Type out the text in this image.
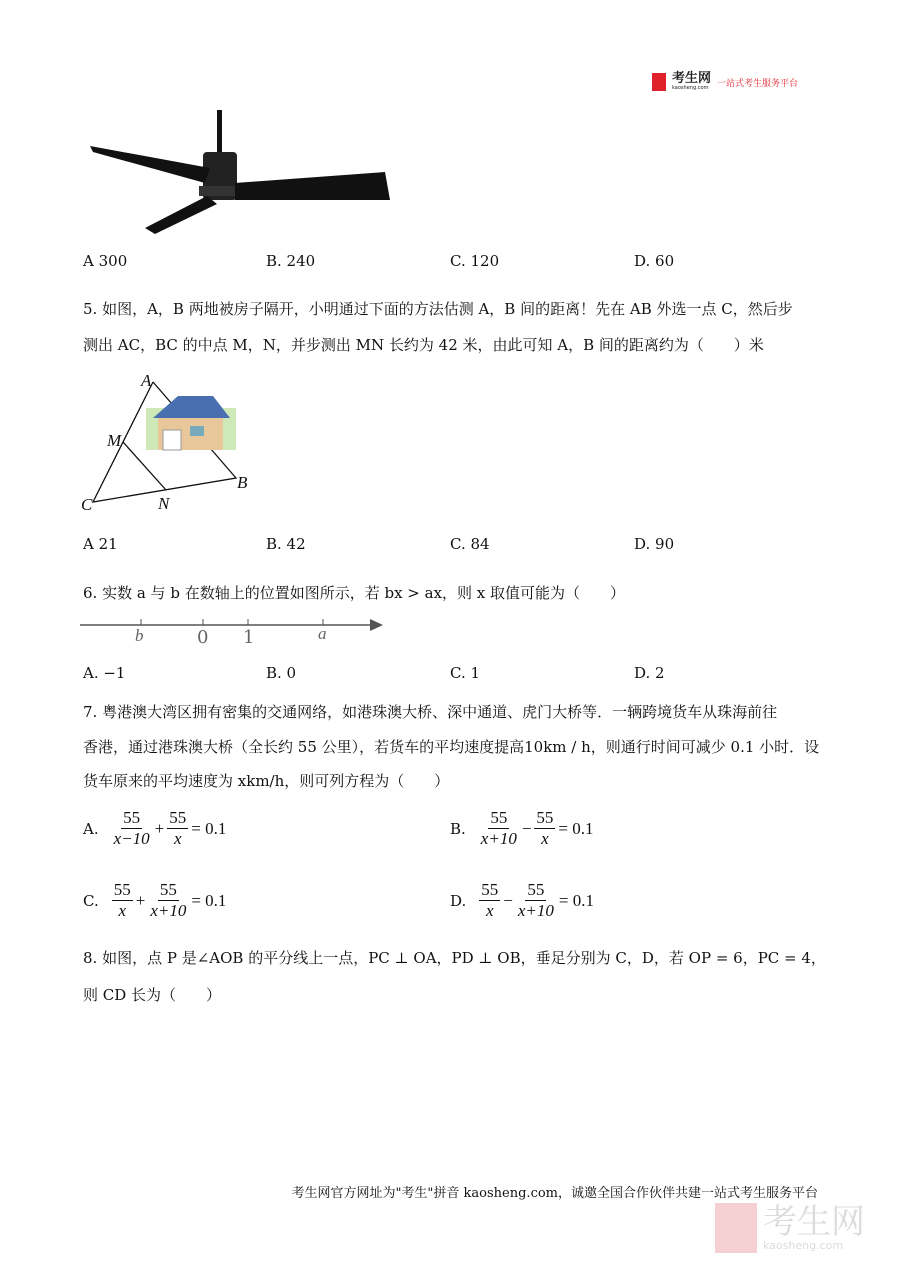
考生网
kaosheng.com 一站式考生服务平台
A 300	B. 240	C. 120	D. 60
5. 如图，A，B 两地被房子隔开，小明通过下面的方法估测 A，B 间的距离！先在 AB 外选一点 C，然后步
测出 AC，BC 的中点 M，N，并步测出 MN 长约为 42 米，由此可知 A，B 间的距离约为（　　）米
A
M
C	N
B
A 21	B. 42	C. 84	D. 90
6. 实数 a 与 b 在数轴上的位置如图所示，若 bx > ax，则 x 取值可能为（　　）
b	0 1	a
A. −1	B. 0	C. 1	D. 2
7. 粤港澳大湾区拥有密集的交通网络，如港珠澳大桥、深中通道、虎门大桥等．一辆跨境货车从珠海前往
香港，通过港珠澳大桥（全长约 55 公里），若货车的平均速度提高10km / h，则通行时间可减少 0.1 小时．设
货车原来的平均速度为 xkm/h，则可列方程为（　　）
A. $\frac{55}{x-10} + \frac{55}{x} = 0.1$	B. $\frac{55}{x+10} - \frac{55}{x} = 0.1$
C. $\frac{55}{x} + \frac{55}{x+10} = 0.1$	D. $\frac{55}{x} - \frac{55}{x+10} = 0.1$
8. 如图，点 P 是∠AOB 的平分线上一点，PC ⊥ OA，PD ⊥ OB，垂足分别为 C，D，若 OP = 6，PC = 4，
则 CD 长为（　　）
考生网官方网址为"考生"拼音 kaosheng.com，诚邀全国合作伙伴共建一站式考生服务平台
考生网
kaosheng.com
